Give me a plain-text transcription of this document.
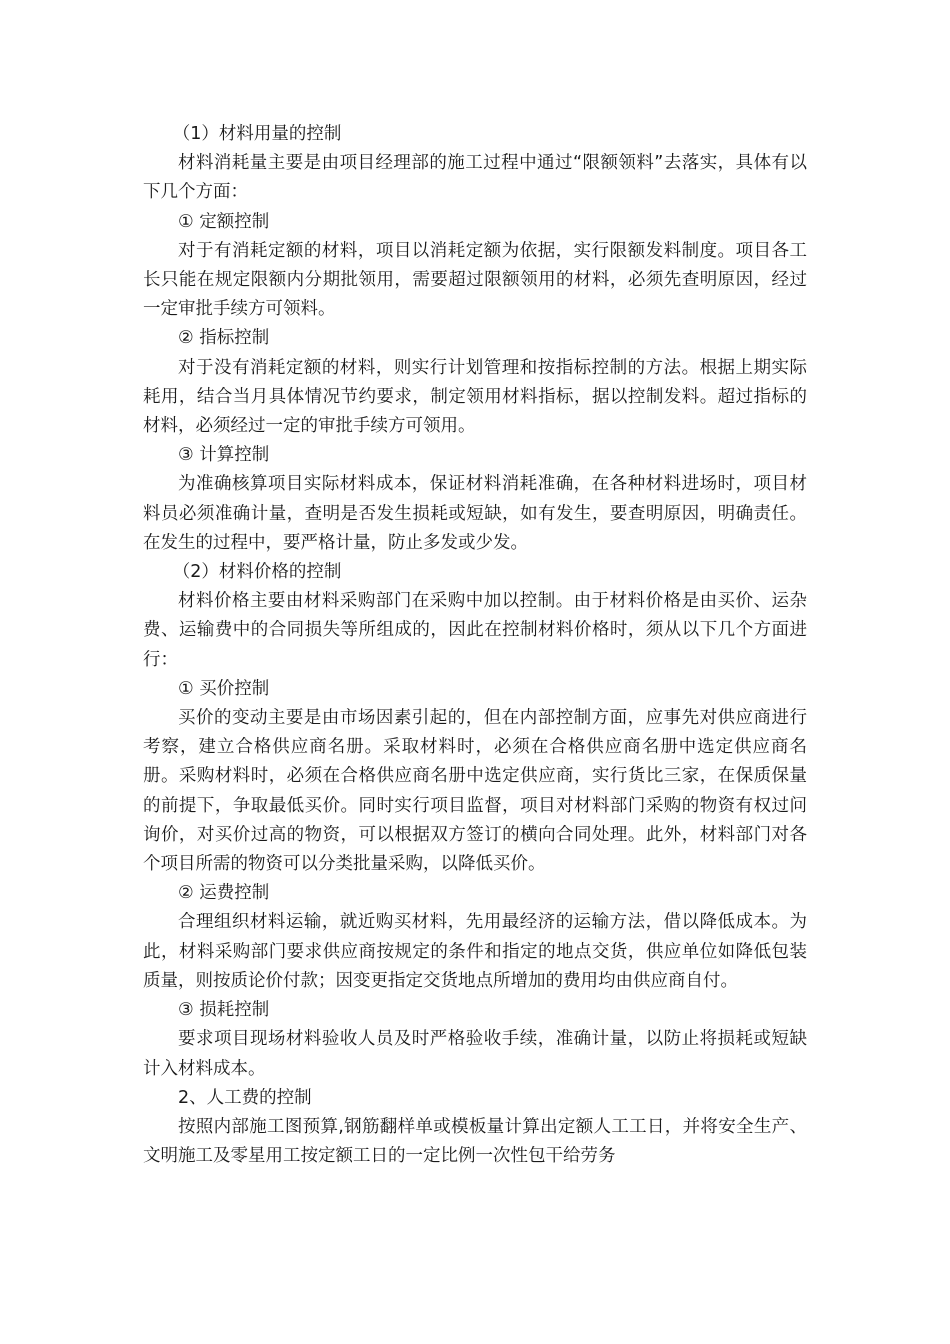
（1）材料用量的控制

材料消耗量主要是由项目经理部的施工过程中通过“限额领料”去落实，具体有以下几个方面：

① 定额控制

对于有消耗定额的材料，项目以消耗定额为依据，实行限额发料制度。项目各工长只能在规定限额内分期批领用，需要超过限额领用的材料，必须先查明原因，经过一定审批手续方可领料。

② 指标控制

对于没有消耗定额的材料，则实行计划管理和按指标控制的方法。根据上期实际耗用，结合当月具体情况节约要求，制定领用材料指标，据以控制发料。超过指标的材料，必须经过一定的审批手续方可领用。

③ 计算控制

为准确核算项目实际材料成本，保证材料消耗准确，在各种材料进场时，项目材料员必须准确计量，查明是否发生损耗或短缺，如有发生，要查明原因，明确责任。在发生的过程中，要严格计量，防止多发或少发。

（2）材料价格的控制

材料价格主要由材料采购部门在采购中加以控制。由于材料价格是由买价、运杂费、运输费中的合同损失等所组成的，因此在控制材料价格时，须从以下几个方面进行：

① 买价控制

买价的变动主要是由市场因素引起的，但在内部控制方面，应事先对供应商进行考察，建立合格供应商名册。采取材料时，必须在合格供应商名册中选定供应商名册。采购材料时，必须在合格供应商名册中选定供应商，实行货比三家，在保质保量的前提下，争取最低买价。同时实行项目监督，项目对材料部门采购的物资有权过问询价，对买价过高的物资，可以根据双方签订的横向合同处理。此外，材料部门对各个项目所需的物资可以分类批量采购，以降低买价。

② 运费控制

合理组织材料运输，就近购买材料，先用最经济的运输方法，借以降低成本。为此，材料采购部门要求供应商按规定的条件和指定的地点交货，供应单位如降低包装质量，则按质论价付款；因变更指定交货地点所增加的费用均由供应商自付。

③ 损耗控制

要求项目现场材料验收人员及时严格验收手续，准确计量，以防止将损耗或短缺计入材料成本。

2、人工费的控制

按照内部施工图预算,钢筋翻样单或模板量计算出定额人工工日，并将安全生产、文明施工及零星用工按定额工日的一定比例一次性包干给劳务
